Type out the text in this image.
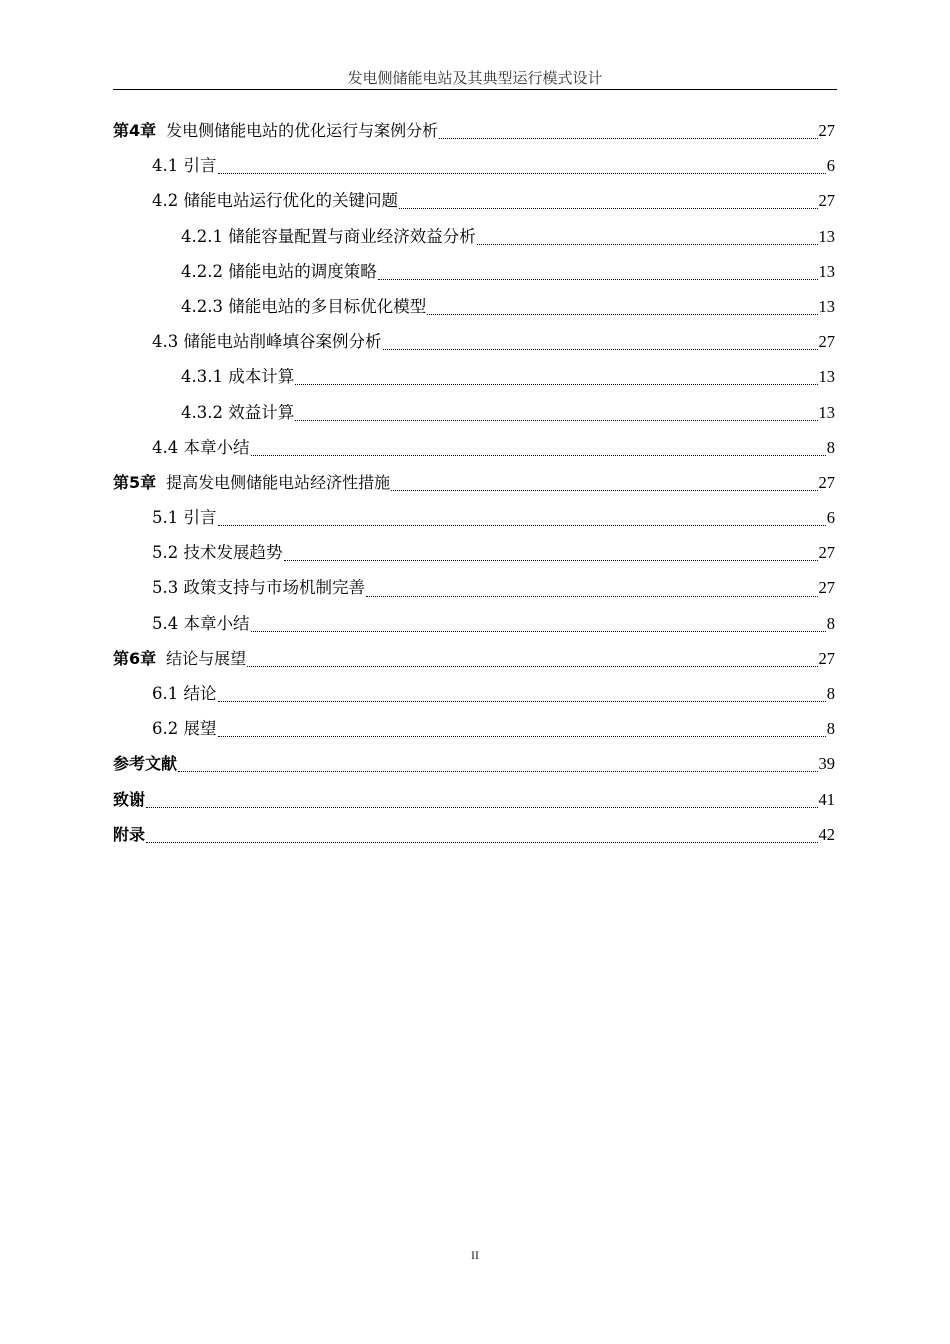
发电侧储能电站及其典型运行模式设计
第4章 发电侧储能电站的优化运行与案例分析	27
4.1 引言	6
4.2 储能电站运行优化的关键问题	27
4.2.1 储能容量配置与商业经济效益分析	13
4.2.2 储能电站的调度策略	13
4.2.3 储能电站的多目标优化模型	13
4.3 储能电站削峰填谷案例分析	27
4.3.1 成本计算	13
4.3.2 效益计算	13
4.4 本章小结	8
第5章 提高发电侧储能电站经济性措施	27
5.1 引言	6
5.2 技术发展趋势	27
5.3 政策支持与市场机制完善	27
5.4 本章小结	8
第6章 结论与展望	27
6.1 结论	8
6.2 展望	8
参考文献	39
致谢	41
附录	42
II
